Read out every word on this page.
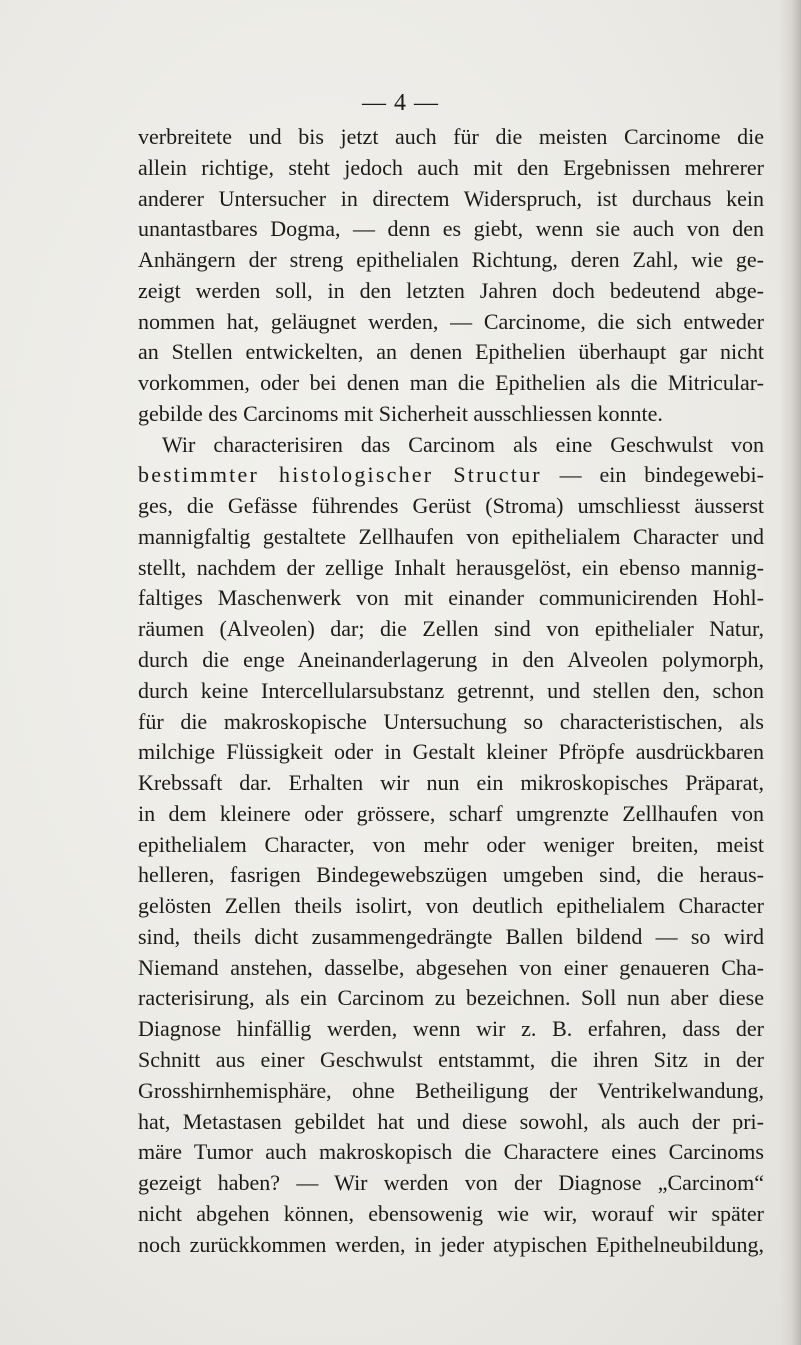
— 4 —
verbreitete und bis jetzt auch für die meisten Carcinome die
allein richtige, steht jedoch auch mit den Ergebnissen mehrerer
anderer Untersucher in directem Widerspruch, ist durchaus kein
unantastbares Dogma, — denn es giebt, wenn sie auch von den
Anhängern der streng epithelialen Richtung, deren Zahl, wie ge-
zeigt werden soll, in den letzten Jahren doch bedeutend abge-
nommen hat, geläugnet werden, — Carcinome, die sich entweder
an Stellen entwickelten, an denen Epithelien überhaupt gar nicht
vorkommen, oder bei denen man die Epithelien als die Mitricular-
gebilde des Carcinoms mit Sicherheit ausschliessen konnte.
Wir characterisiren das Carcinom als eine Geschwulst von
bestimmter histologischer Structur — ein bindegewebi-
ges, die Gefässe führendes Gerüst (Stroma) umschliesst äusserst
mannigfaltig gestaltete Zellhaufen von epithelialem Character und
stellt, nachdem der zellige Inhalt herausgelöst, ein ebenso mannig-
faltiges Maschenwerk von mit einander communicirenden Hohl-
räumen (Alveolen) dar; die Zellen sind von epithelialer Natur,
durch die enge Aneinanderlagerung in den Alveolen polymorph,
durch keine Intercellularsubstanz getrennt, und stellen den, schon
für die makroskopische Untersuchung so characteristischen, als
milchige Flüssigkeit oder in Gestalt kleiner Pfröpfe ausdrückbaren
Krebssaft dar. Erhalten wir nun ein mikroskopisches Präparat,
in dem kleinere oder grössere, scharf umgrenzte Zellhaufen von
epithelialem Character, von mehr oder weniger breiten, meist
helleren, fasrigen Bindegewebszügen umgeben sind, die heraus-
gelösten Zellen theils isolirt, von deutlich epithelialem Character
sind, theils dicht zusammengedrängte Ballen bildend — so wird
Niemand anstehen, dasselbe, abgesehen von einer genaueren Cha-
racterisirung, als ein Carcinom zu bezeichnen. Soll nun aber diese
Diagnose hinfällig werden, wenn wir z. B. erfahren, dass der
Schnitt aus einer Geschwulst entstammt, die ihren Sitz in der
Grosshirnhemisphäre, ohne Betheiligung der Ventrikelwandung,
hat, Metastasen gebildet hat und diese sowohl, als auch der pri-
märe Tumor auch makroskopisch die Charactere eines Carcinoms
gezeigt haben? — Wir werden von der Diagnose „Carcinom“
nicht abgehen können, ebensowenig wie wir, worauf wir später
noch zurückkommen werden, in jeder atypischen Epithelneubildung,
